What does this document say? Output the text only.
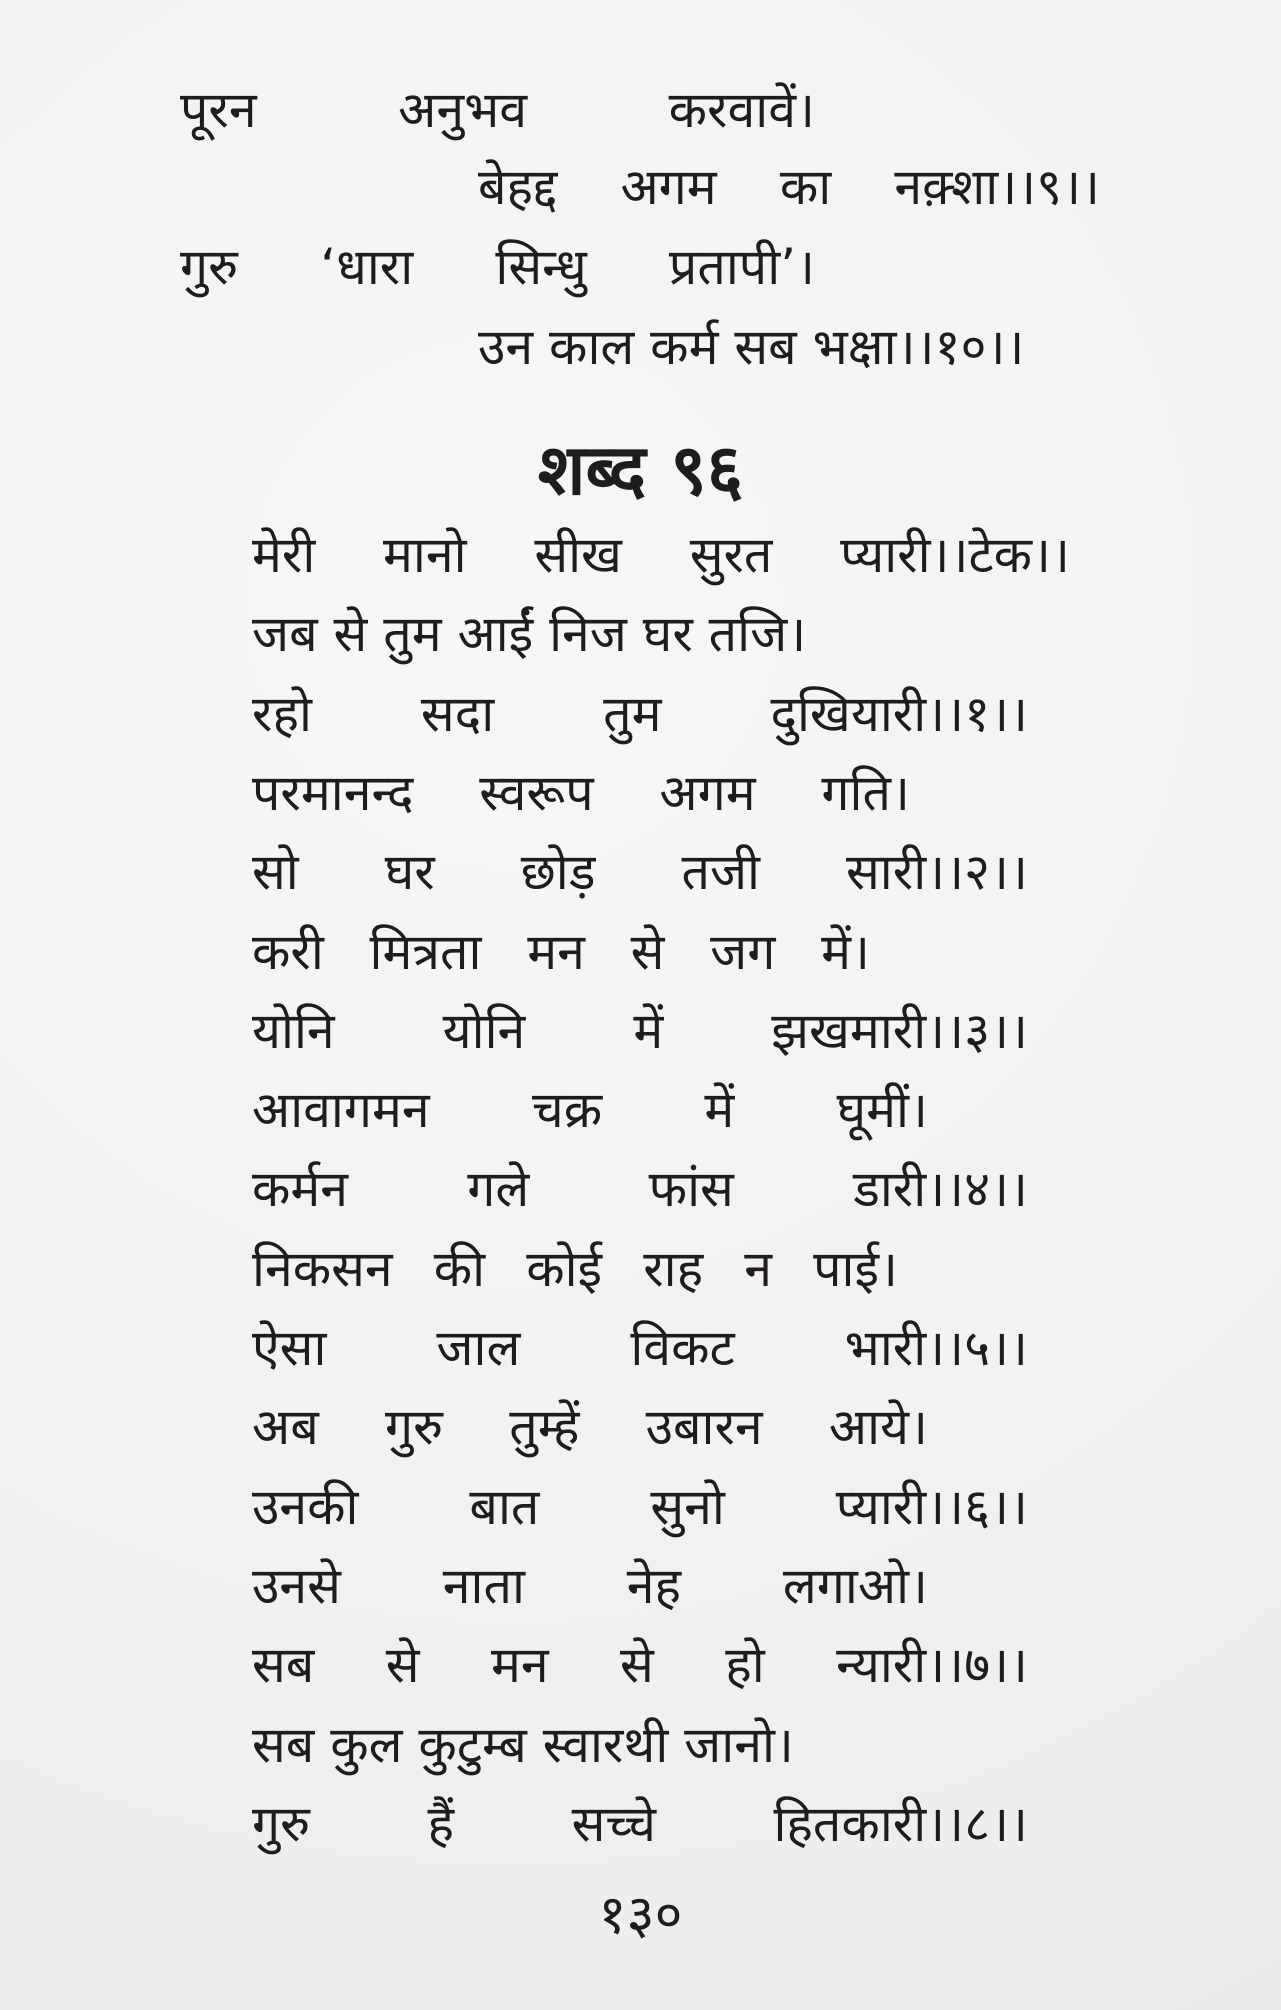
पूरन	अनुभव	करवावें।
बेहद्द अगम का नक़्शा।।९।।
गुरु ‘धारा सिन्धु प्रतापी’।
उन काल कर्म सब भक्षा।।१०।।
शब्द ९६
मेरी मानो सीख सुरत प्यारी।।टेक।।
जब से तुम आईं निज घर तजि।
रहो सदा तुम दुखियारी।।१।।
परमानन्द स्वरूप अगम गति।
सो घर छोड़ तजी सारी।।२।।
करी मित्रता मन से जग में।
योनि योनि में झखमारी।।३।।
आवागमन चक्र में घूमीं।
कर्मन गले फांस डारी।।४।।
निकसन की कोई राह न पाई।
ऐसा जाल विकट भारी।।५।।
अब गुरु तुम्हें उबारन आये।
उनकी बात सुनो प्यारी।।६।।
उनसे नाता नेह लगाओ।
सब से मन से हो न्यारी।।७।।
सब कुल कुटुम्ब स्वारथी जानो।
गुरु हैं सच्चे हितकारी।।८।।
१३०
